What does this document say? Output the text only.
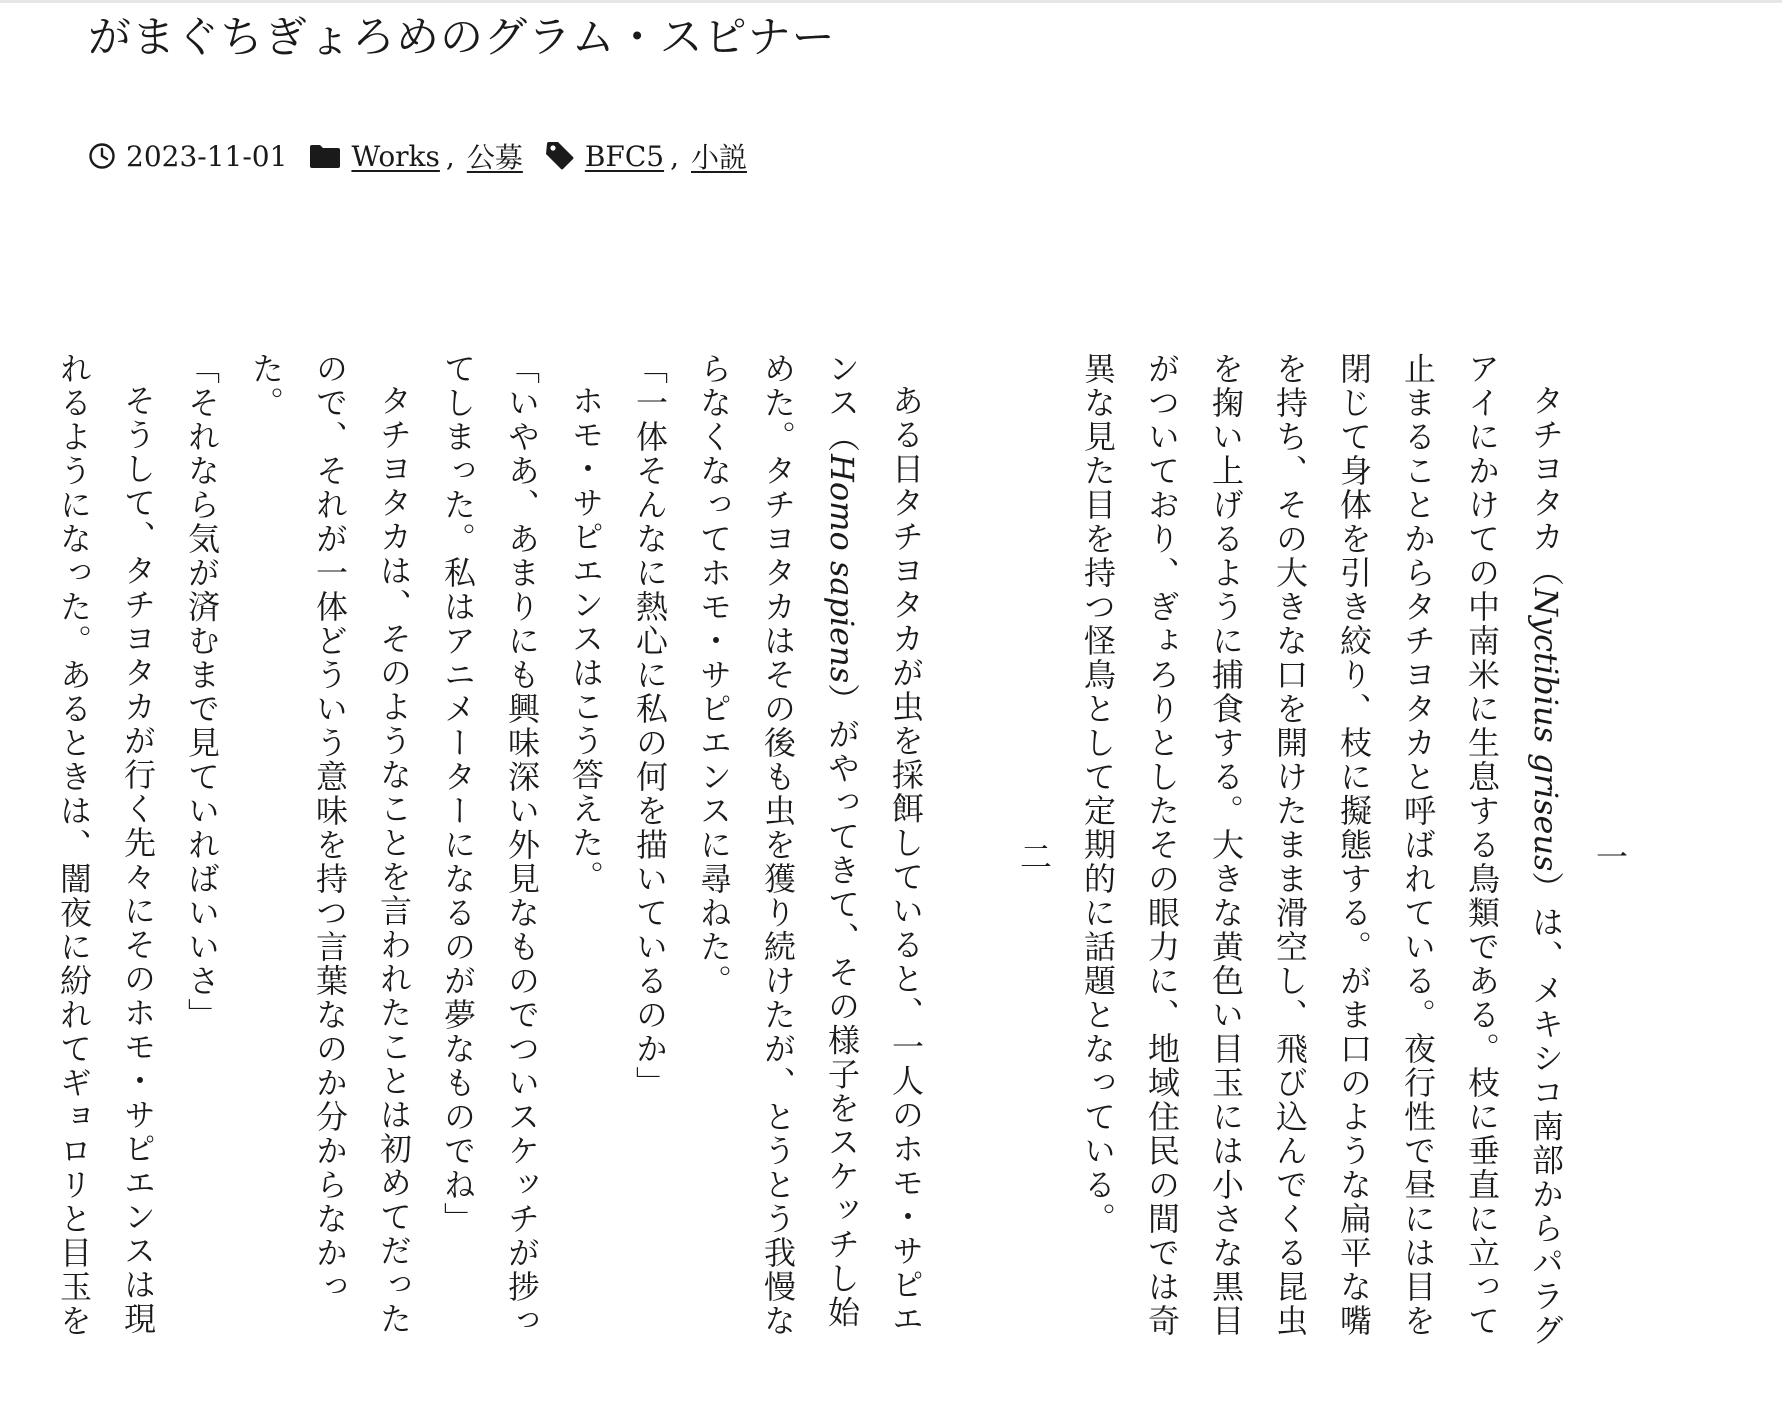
がまぐちぎょろめのグラム・スピナー
2023-11-01 Works , 公募 BFC5 , 小説
一

タチヨタカ（Nyctibius griseus）は、メキシコ南部からパラグアイにかけての中南米に生息する鳥類である。枝に垂直に立って止まることからタチヨタカと呼ばれている。夜行性で昼には目を閉じて身体を引き絞り、枝に擬態する。がま口のような扁平な嘴を持ち、その大きな口を開けたまま滑空し、飛び込んでくる昆虫を掬い上げるように捕食する。大きな黄色い目玉には小さな黒目がついており、ぎょろりとしたその眼力に、地域住民の間では奇異な見た目を持つ怪鳥として定期的に話題となっている。

二

ある日タチヨタカが虫を採餌していると、一人のホモ・サピエンス（Homo sapiens）がやってきて、その様子をスケッチし始めた。タチヨタカはその後も虫を獲り続けたが、とうとう我慢ならなくなってホモ・サピエンスに尋ねた。

「一体そんなに熱心に私の何を描いているのか」

ホモ・サピエンスはこう答えた。

「いやあ、あまりにも興味深い外見なものでついスケッチが捗ってしまった。私はアニメーターになるのが夢なものでね」

タチヨタカは、そのようなことを言われたことは初めてだったので、それが一体どういう意味を持つ言葉なのか分からなかった。

「それなら気が済むまで見ていればいいさ」

そうして、タチヨタカが行く先々にそのホモ・サピエンスは現れるようになった。あるときは、闇夜に紛れてギョロリと目玉を
